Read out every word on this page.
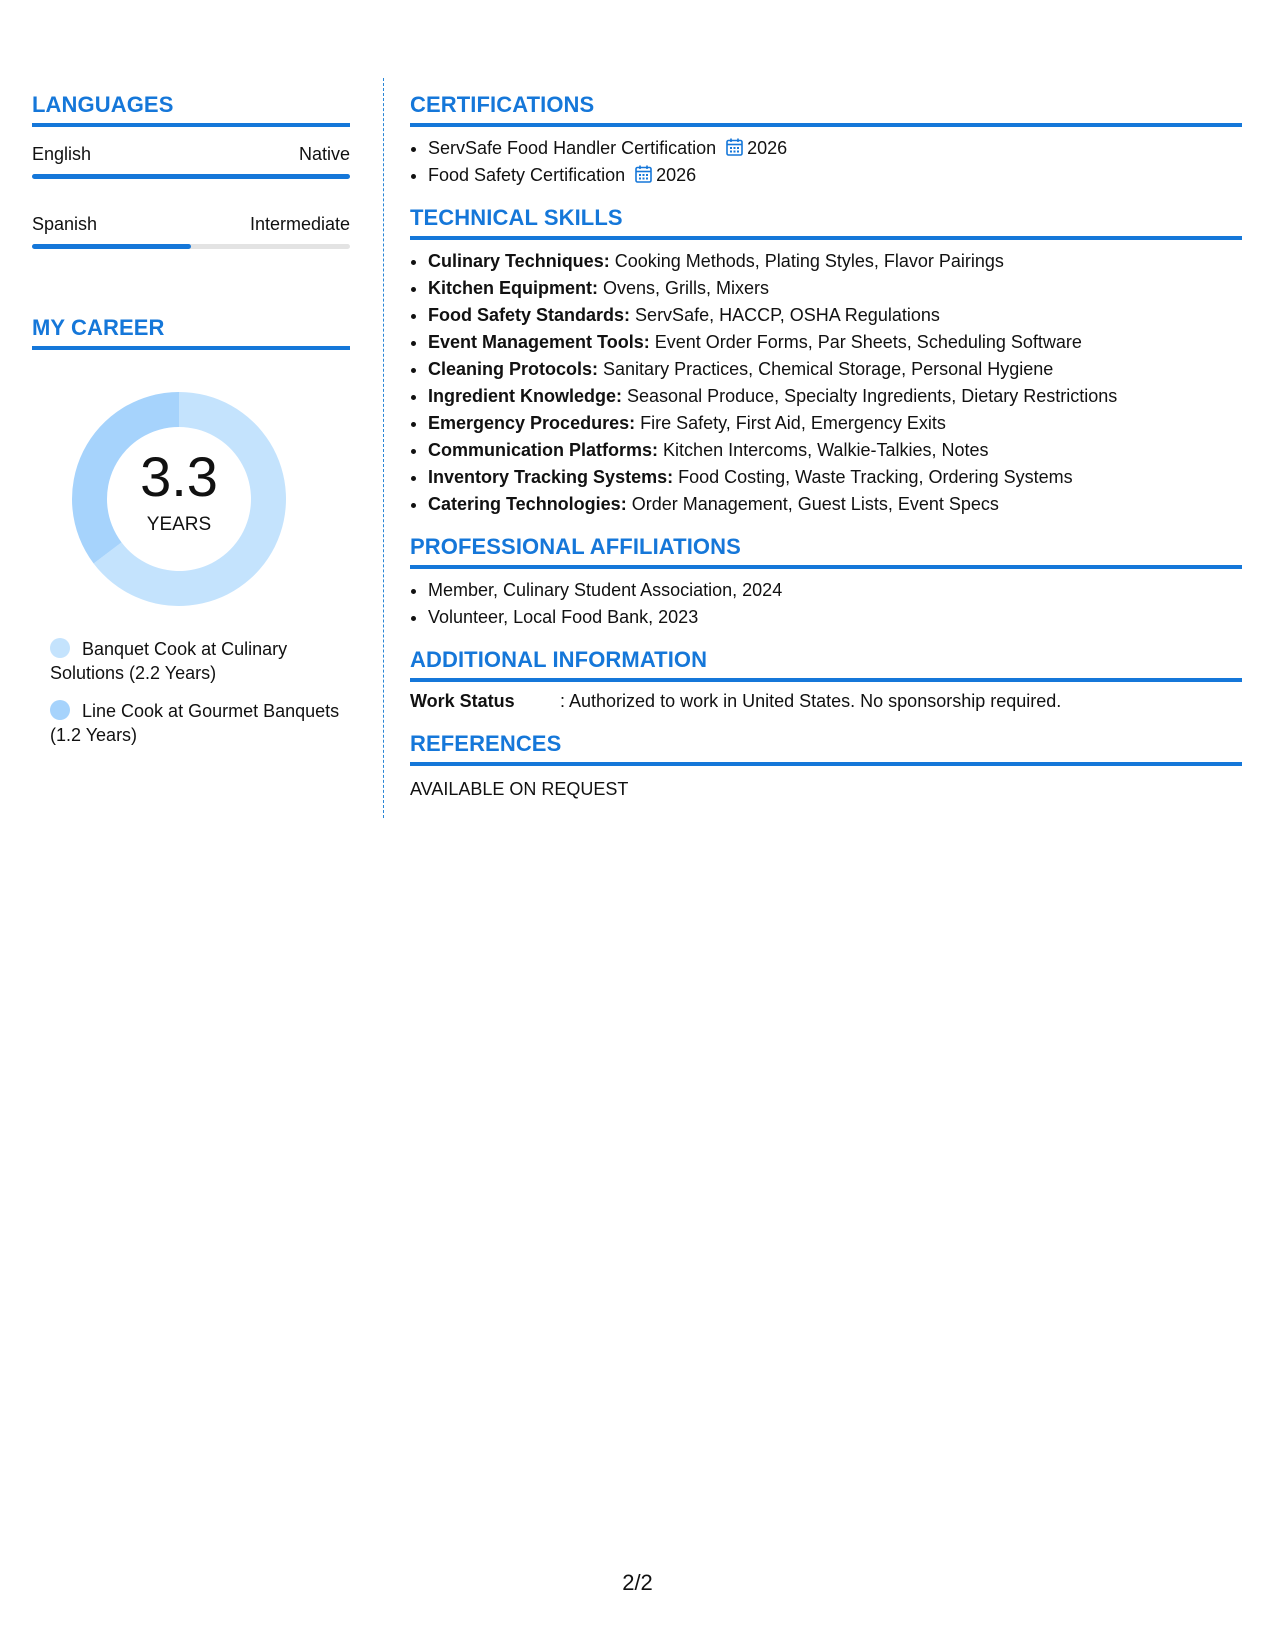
LANGUAGES
English	Native
Spanish	Intermediate
MY CAREER
3.3
YEARS
Banquet Cook at Culinary Solutions (2.2 Years)
Line Cook at Gourmet Banquets (1.2 Years)
CERTIFICATIONS
• ServSafe Food Handler Certification 2026
• Food Safety Certification 2026
TECHNICAL SKILLS
• Culinary Techniques: Cooking Methods, Plating Styles, Flavor Pairings
• Kitchen Equipment: Ovens, Grills, Mixers
• Food Safety Standards: ServSafe, HACCP, OSHA Regulations
• Event Management Tools: Event Order Forms, Par Sheets, Scheduling Software
• Cleaning Protocols: Sanitary Practices, Chemical Storage, Personal Hygiene
• Ingredient Knowledge: Seasonal Produce, Specialty Ingredients, Dietary Restrictions
• Emergency Procedures: Fire Safety, First Aid, Emergency Exits
• Communication Platforms: Kitchen Intercoms, Walkie-Talkies, Notes
• Inventory Tracking Systems: Food Costing, Waste Tracking, Ordering Systems
• Catering Technologies: Order Management, Guest Lists, Event Specs
PROFESSIONAL AFFILIATIONS
• Member, Culinary Student Association, 2024
• Volunteer, Local Food Bank, 2023
ADDITIONAL INFORMATION
Work Status	: Authorized to work in United States. No sponsorship required.
REFERENCES
AVAILABLE ON REQUEST
2/2
